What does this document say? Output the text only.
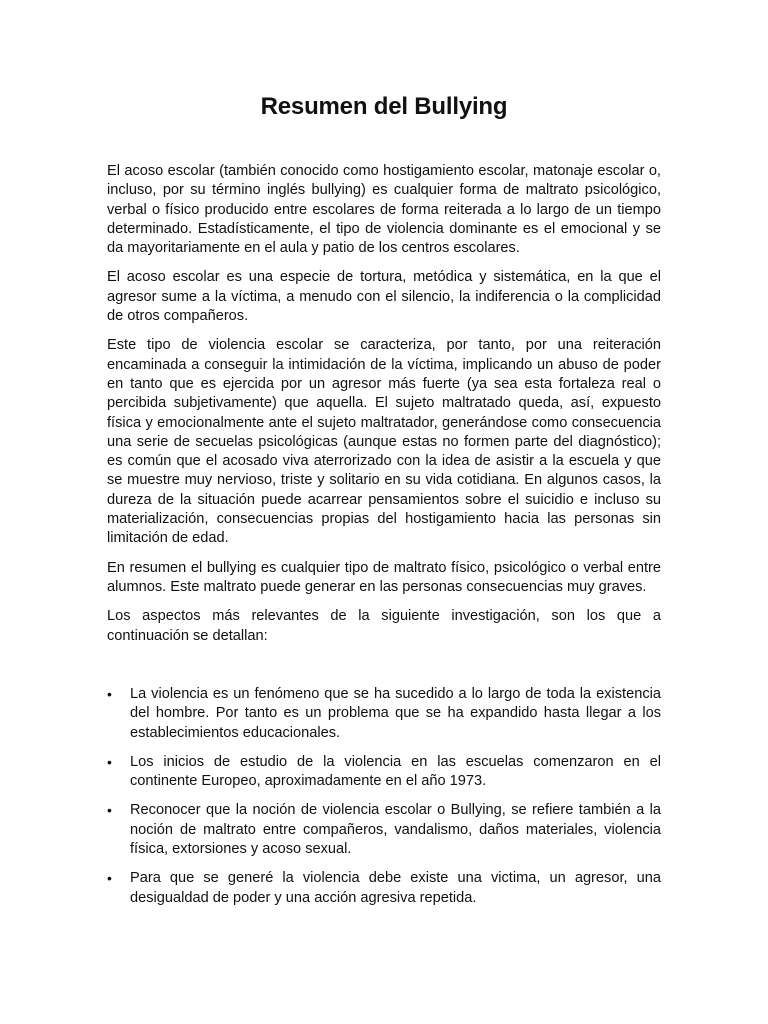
Resumen del Bullying

El acoso escolar (también conocido como hostigamiento escolar, matonaje escolar o, incluso, por su término inglés bullying) es cualquier forma de maltrato psicológico, verbal o físico producido entre escolares de forma reiterada a lo largo de un tiempo determinado. Estadísticamente, el tipo de violencia dominante es el emocional y se da mayoritariamente en el aula y patio de los centros escolares.

El acoso escolar es una especie de tortura, metódica y sistemática, en la que el agresor sume a la víctima, a menudo con el silencio, la indiferencia o la complicidad de otros compañeros.

Este tipo de violencia escolar se caracteriza, por tanto, por una reiteración encaminada a conseguir la intimidación de la víctima, implicando un abuso de poder en tanto que es ejercida por un agresor más fuerte (ya sea esta fortaleza real o percibida subjetivamente) que aquella. El sujeto maltratado queda, así, expuesto física y emocionalmente ante el sujeto maltratador, generándose como consecuencia una serie de secuelas psicológicas (aunque estas no formen parte del diagnóstico); es común que el acosado viva aterrorizado con la idea de asistir a la escuela y que se muestre muy nervioso, triste y solitario en su vida cotidiana. En algunos casos, la dureza de la situación puede acarrear pensamientos sobre el suicidio e incluso su materialización, consecuencias propias del hostigamiento hacia las personas sin limitación de edad.

En resumen el bullying es cualquier tipo de maltrato físico, psicológico o verbal entre alumnos. Este maltrato puede generar en las personas consecuencias muy graves.

Los aspectos más relevantes de la siguiente investigación, son los que a continuación se detallan:

• La violencia es un fenómeno que se ha sucedido a lo largo de toda la existencia del hombre. Por tanto es un problema que se ha expandido hasta llegar a los establecimientos educacionales.
• Los inicios de estudio de la violencia en las escuelas comenzaron en el continente Europeo, aproximadamente en el año 1973.
• Reconocer que la noción de violencia escolar o Bullying, se refiere también a la noción de maltrato entre compañeros, vandalismo, daños materiales, violencia física, extorsiones y acoso sexual.
• Para que se generé la violencia debe existe una victima, un agresor, una desigualdad de poder y una acción agresiva repetida.
